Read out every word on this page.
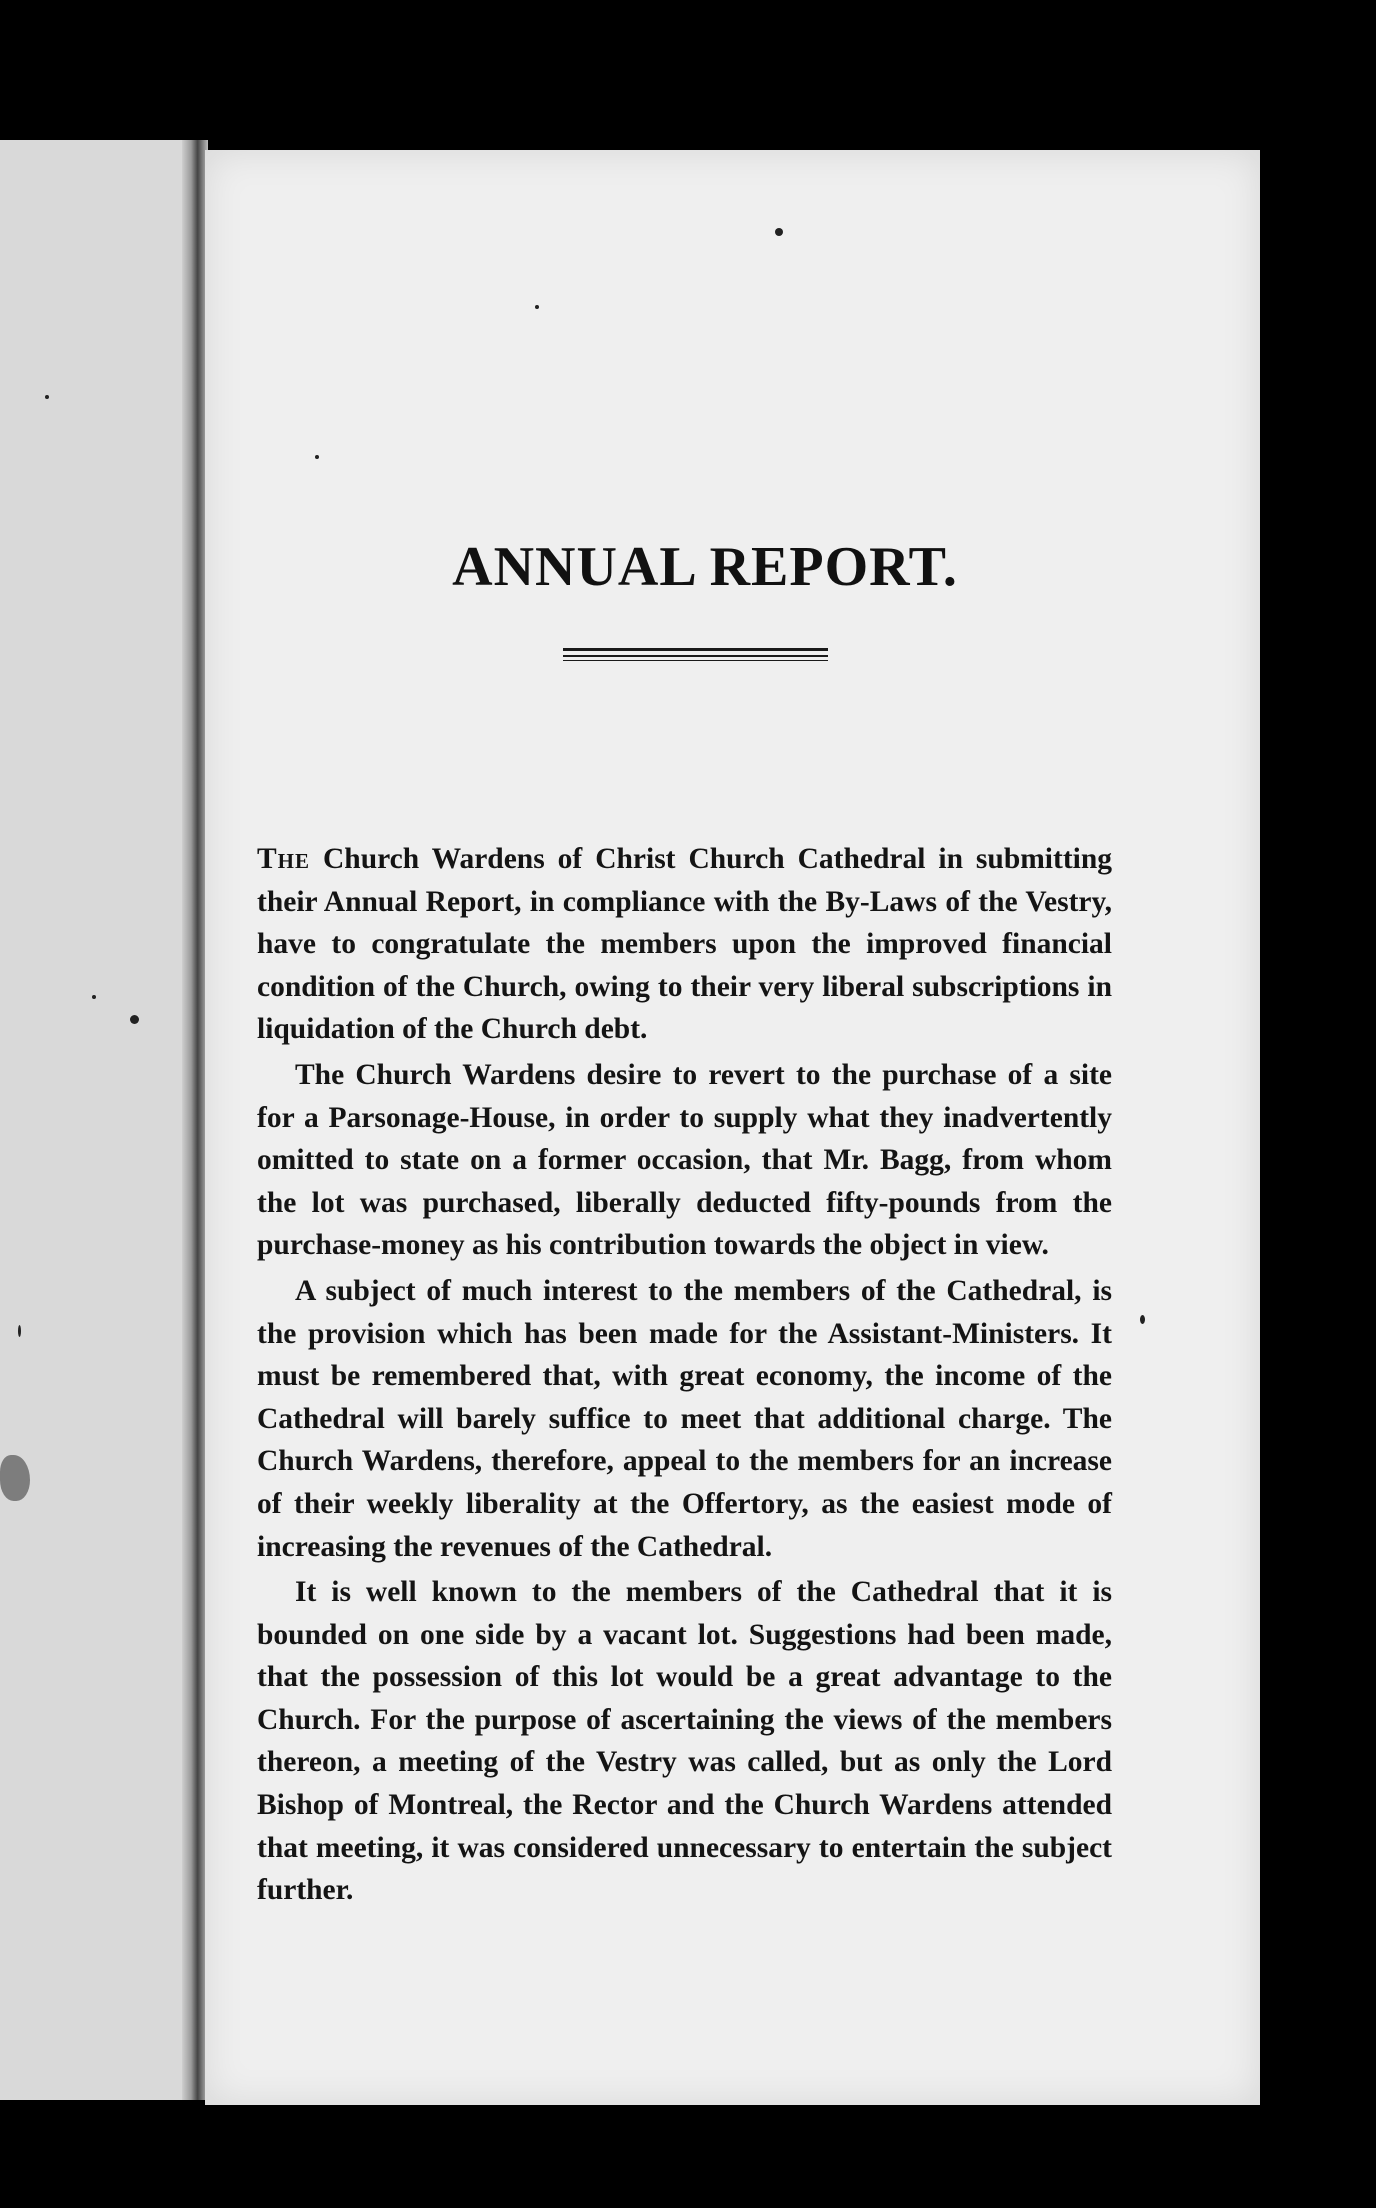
ANNUAL REPORT.

The Church Wardens of Christ Church Cathedral in submitting their Annual Report, in compliance with the By-Laws of the Vestry, have to congratulate the members upon the improved financial condition of the Church, owing to their very liberal subscriptions in liquidation of the Church debt.

The Church Wardens desire to revert to the purchase of a site for a Parsonage-House, in order to supply what they inadvertently omitted to state on a former occasion, that Mr. Bagg, from whom the lot was purchased, liberally deducted fifty-pounds from the purchase-money as his contribution towards the object in view.

A subject of much interest to the members of the Cathedral, is the provision which has been made for the Assistant-Ministers. It must be remembered that, with great economy, the income of the Cathedral will barely suffice to meet that additional charge. The Church Wardens, therefore, appeal to the members for an increase of their weekly liberality at the Offertory, as the easiest mode of increasing the revenues of the Cathedral.

It is well known to the members of the Cathedral that it is bounded on one side by a vacant lot. Suggestions had been made, that the possession of this lot would be a great advantage to the Church. For the purpose of ascertaining the views of the members thereon, a meeting of the Vestry was called, but as only the Lord Bishop of Montreal, the Rector and the Church Wardens attended that meeting, it was considered unnecessary to entertain the subject further.
